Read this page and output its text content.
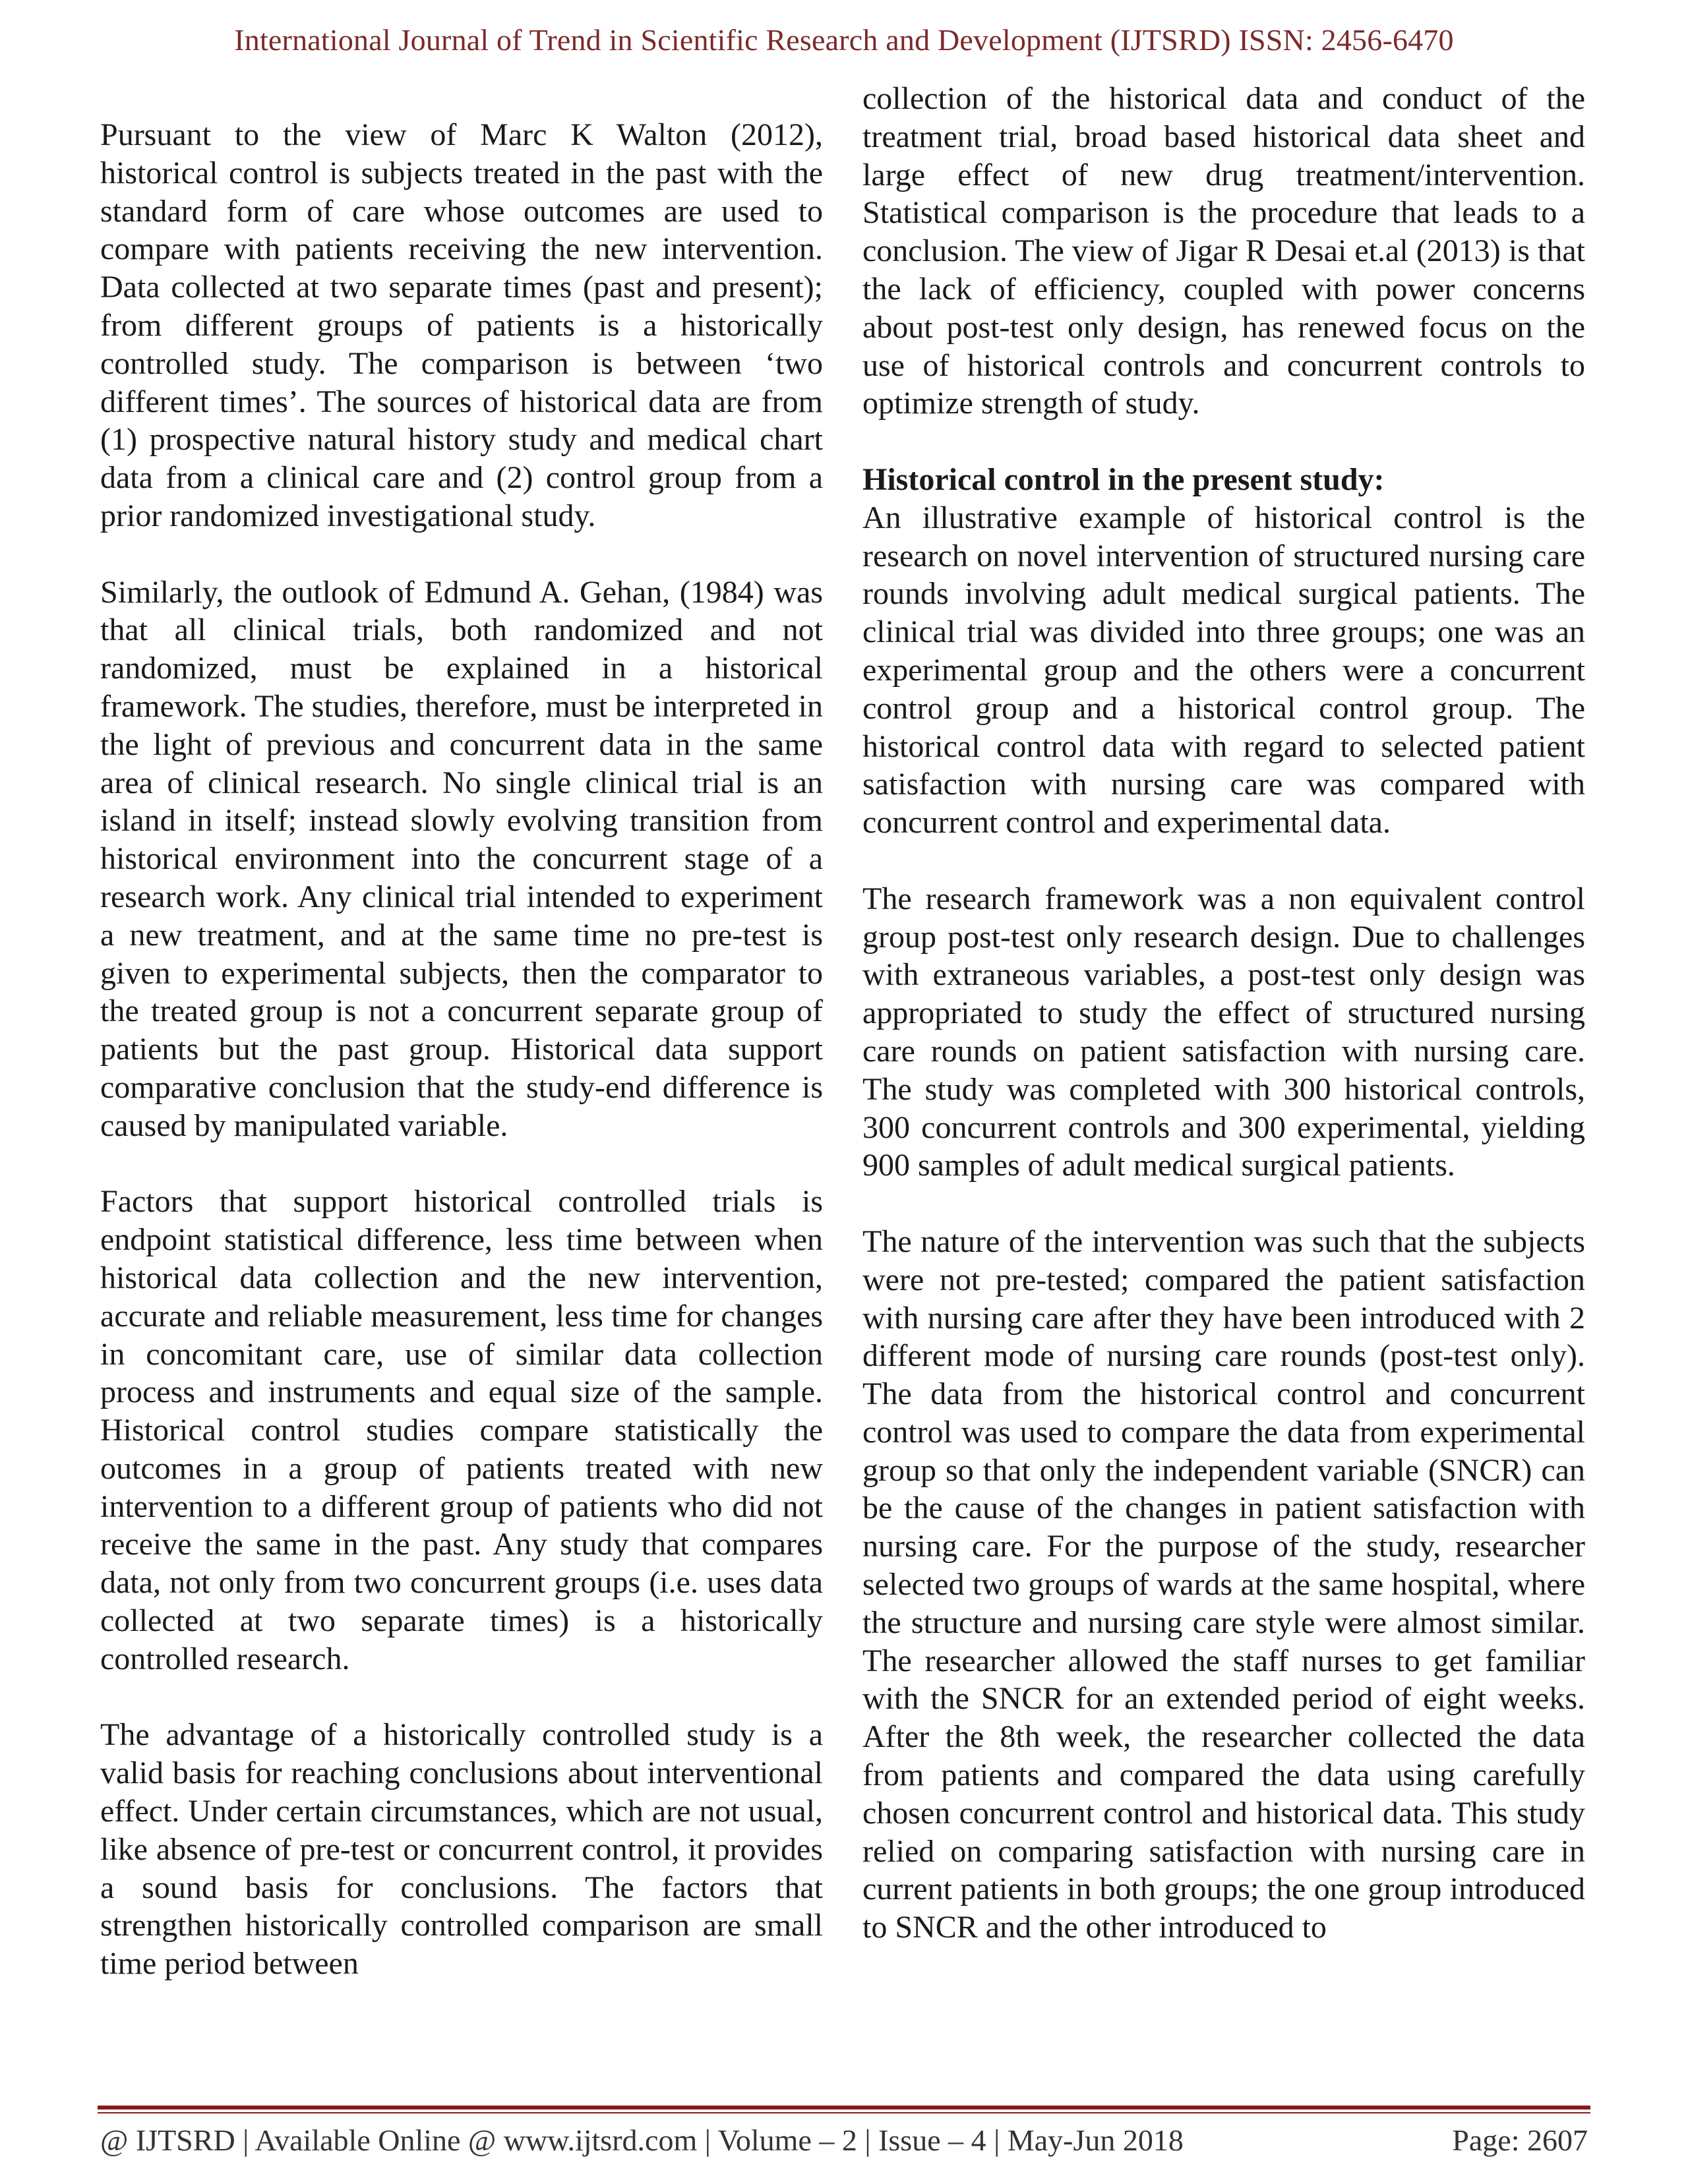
International Journal of Trend in Scientific Research and Development (IJTSRD) ISSN: 2456-6470

Pursuant to the view of Marc K Walton (2012), historical control is subjects treated in the past with the standard form of care whose outcomes are used to compare with patients receiving the new intervention. Data collected at two separate times (past and present); from different groups of patients is a historically controlled study. The comparison is between ‘two different times’. The sources of historical data are from (1) prospective natural history study and medical chart data from a clinical care and (2) control group from a prior randomized investigational study.

Similarly, the outlook of Edmund A. Gehan, (1984) was that all clinical trials, both randomized and not randomized, must be explained in a historical framework. The studies, therefore, must be interpreted in the light of previous and concurrent data in the same area of clinical research. No single clinical trial is an island in itself; instead slowly evolving transition from historical environment into the concurrent stage of a research work. Any clinical trial intended to experiment a new treatment, and at the same time no pre-test is given to experimental subjects, then the comparator to the treated group is not a concurrent separate group of patients but the past group. Historical data support comparative conclusion that the study-end difference is caused by manipulated variable.

Factors that support historical controlled trials is endpoint statistical difference, less time between when historical data collection and the new intervention, accurate and reliable measurement, less time for changes in concomitant care, use of similar data collection process and instruments and equal size of the sample. Historical control studies compare statistically the outcomes in a group of patients treated with new intervention to a different group of patients who did not receive the same in the past. Any study that compares data, not only from two concurrent groups (i.e. uses data collected at two separate times) is a historically controlled research.

The advantage of a historically controlled study is a valid basis for reaching conclusions about interventional effect. Under certain circumstances, which are not usual, like absence of pre-test or concurrent control, it provides a sound basis for conclusions. The factors that strengthen historically controlled comparison are small time period between

collection of the historical data and conduct of the treatment trial, broad based historical data sheet and large effect of new drug treatment/intervention. Statistical comparison is the procedure that leads to a conclusion. The view of Jigar R Desai et.al (2013) is that the lack of efficiency, coupled with power concerns about post-test only design, has renewed focus on the use of historical controls and concurrent controls to optimize strength of study.

Historical control in the present study:

An illustrative example of historical control is the research on novel intervention of structured nursing care rounds involving adult medical surgical patients. The clinical trial was divided into three groups; one was an experimental group and the others were a concurrent control group and a historical control group. The historical control data with regard to selected patient satisfaction with nursing care was compared with concurrent control and experimental data.

The research framework was a non equivalent control group post-test only research design. Due to challenges with extraneous variables, a post-test only design was appropriated to study the effect of structured nursing care rounds on patient satisfaction with nursing care. The study was completed with 300 historical controls, 300 concurrent controls and 300 experimental, yielding 900 samples of adult medical surgical patients.

The nature of the intervention was such that the subjects were not pre-tested; compared the patient satisfaction with nursing care after they have been introduced with 2 different mode of nursing care rounds (post-test only). The data from the historical control and concurrent control was used to compare the data from experimental group so that only the independent variable (SNCR) can be the cause of the changes in patient satisfaction with nursing care. For the purpose of the study, researcher selected two groups of wards at the same hospital, where the structure and nursing care style were almost similar. The researcher allowed the staff nurses to get familiar with the SNCR for an extended period of eight weeks. After the 8th week, the researcher collected the data from patients and compared the data using carefully chosen concurrent control and historical data. This study relied on comparing satisfaction with nursing care in current patients in both groups; the one group introduced to SNCR and the other introduced to

@ IJTSRD | Available Online @ www.ijtsrd.com | Volume – 2 | Issue – 4 | May-Jun 2018	Page: 2607
